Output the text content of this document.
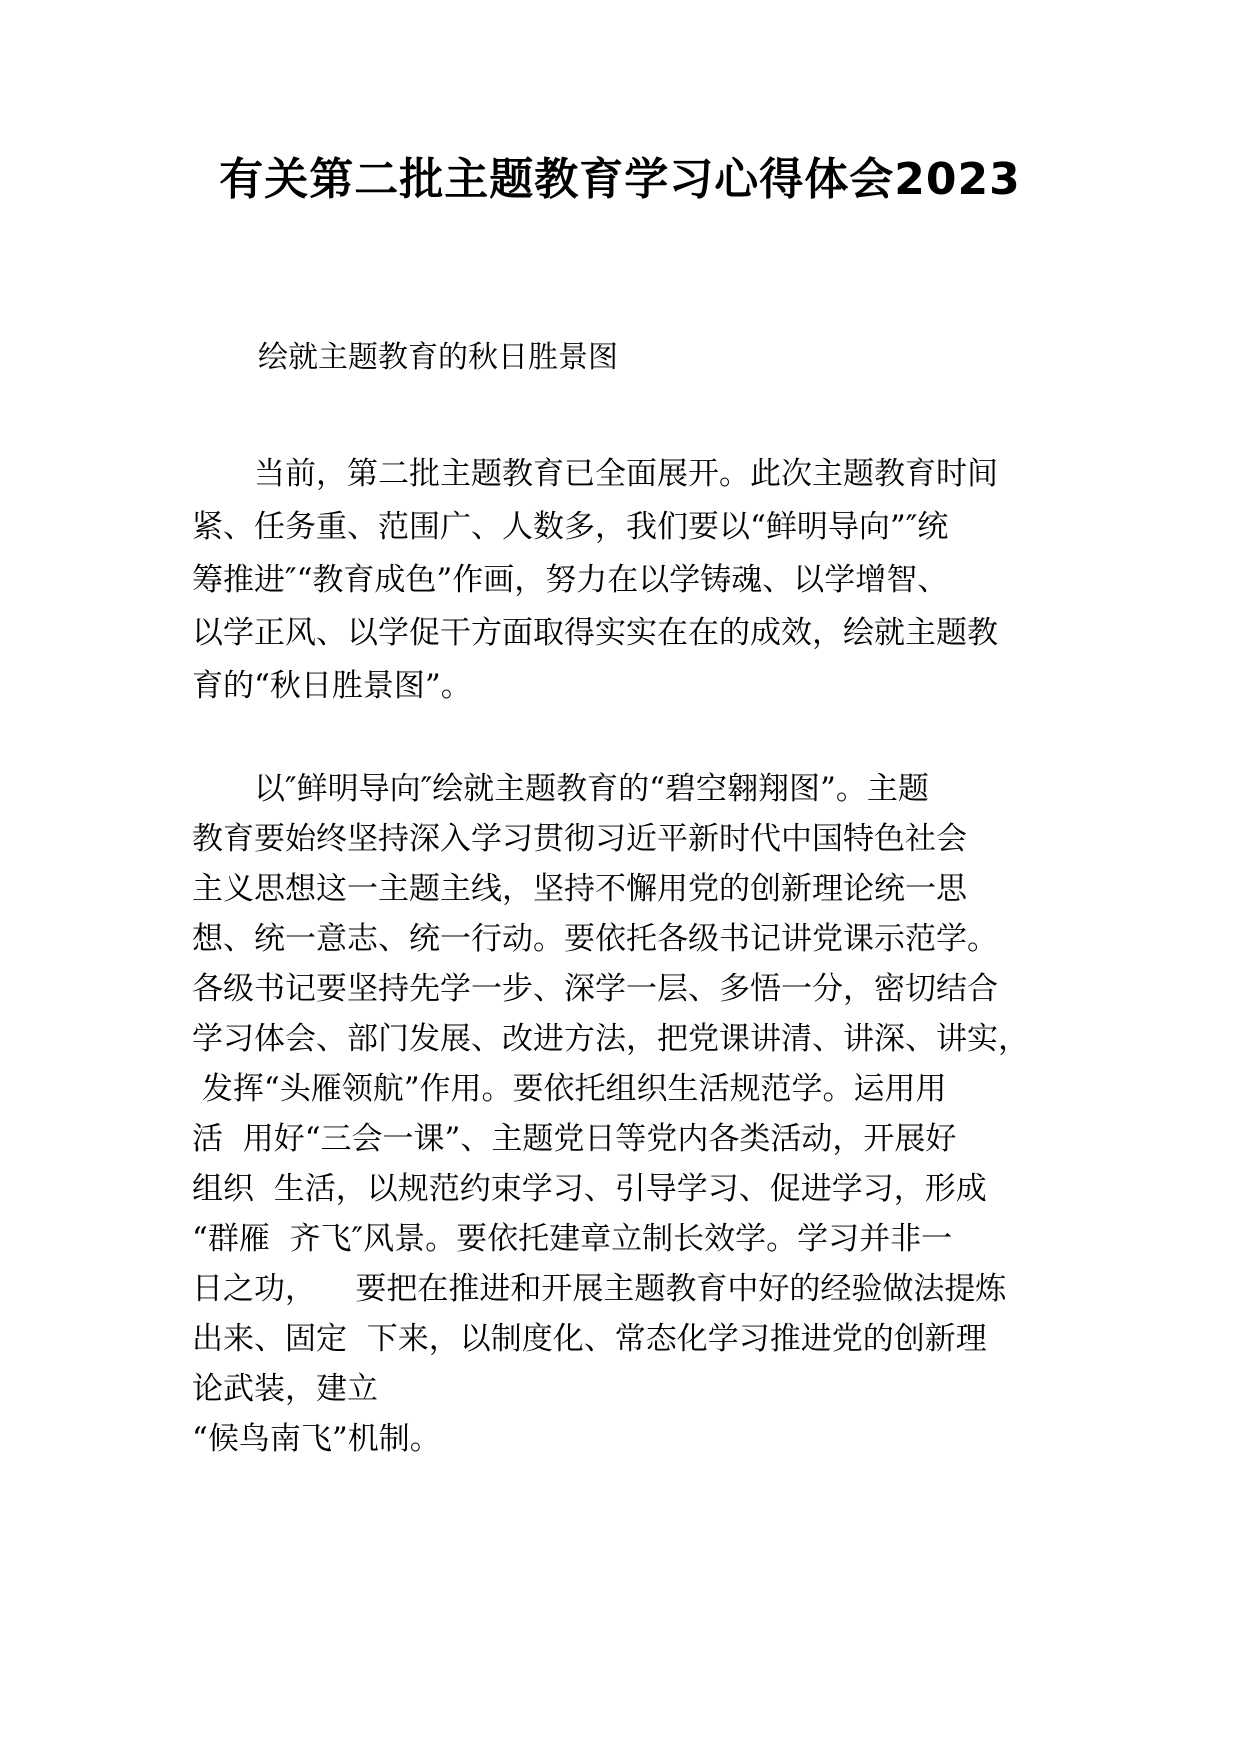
有关第二批主题教育学习心得体会2023
绘就主题教育的秋日胜景图
　　当前，第二批主题教育已全面展开。此次主题教育时间
紧、任务重、范围广、人数多，我们要以“鲜明导向”″统
筹推进″“教育成色”作画，努力在以学铸魂、以学增智、
以学正风、以学促干方面取得实实在在的成效，绘就主题教
育的“秋日胜景图”。
　　以″鲜明导向″绘就主题教育的“碧空翱翔图”。主题
教育要始终坚持深入学习贯彻习近平新时代中国特色社会
主义思想这一主题主线，坚持不懈用党的创新理论统一思
想、统一意志、统一行动。要依托各级书记讲党课示范学。
各级书记要坚持先学一步、深学一层、多悟一分，密切结合
学习体会、部门发展、改进方法，把党课讲清、讲深、讲实，
发挥“头雁领航”作用。要依托组织生活规范学。运用用
活  用好“三会一课”、主题党日等党内各类活动，开展好
组织  生活，以规范约束学习、引导学习、促进学习，形成
“群雁  齐飞″风景。要依托建章立制长效学。学习并非一
日之功，    要把在推进和开展主题教育中好的经验做法提炼
出来、固定  下来，以制度化、常态化学习推进党的创新理
论武装，建立
“候鸟南飞”机制。
